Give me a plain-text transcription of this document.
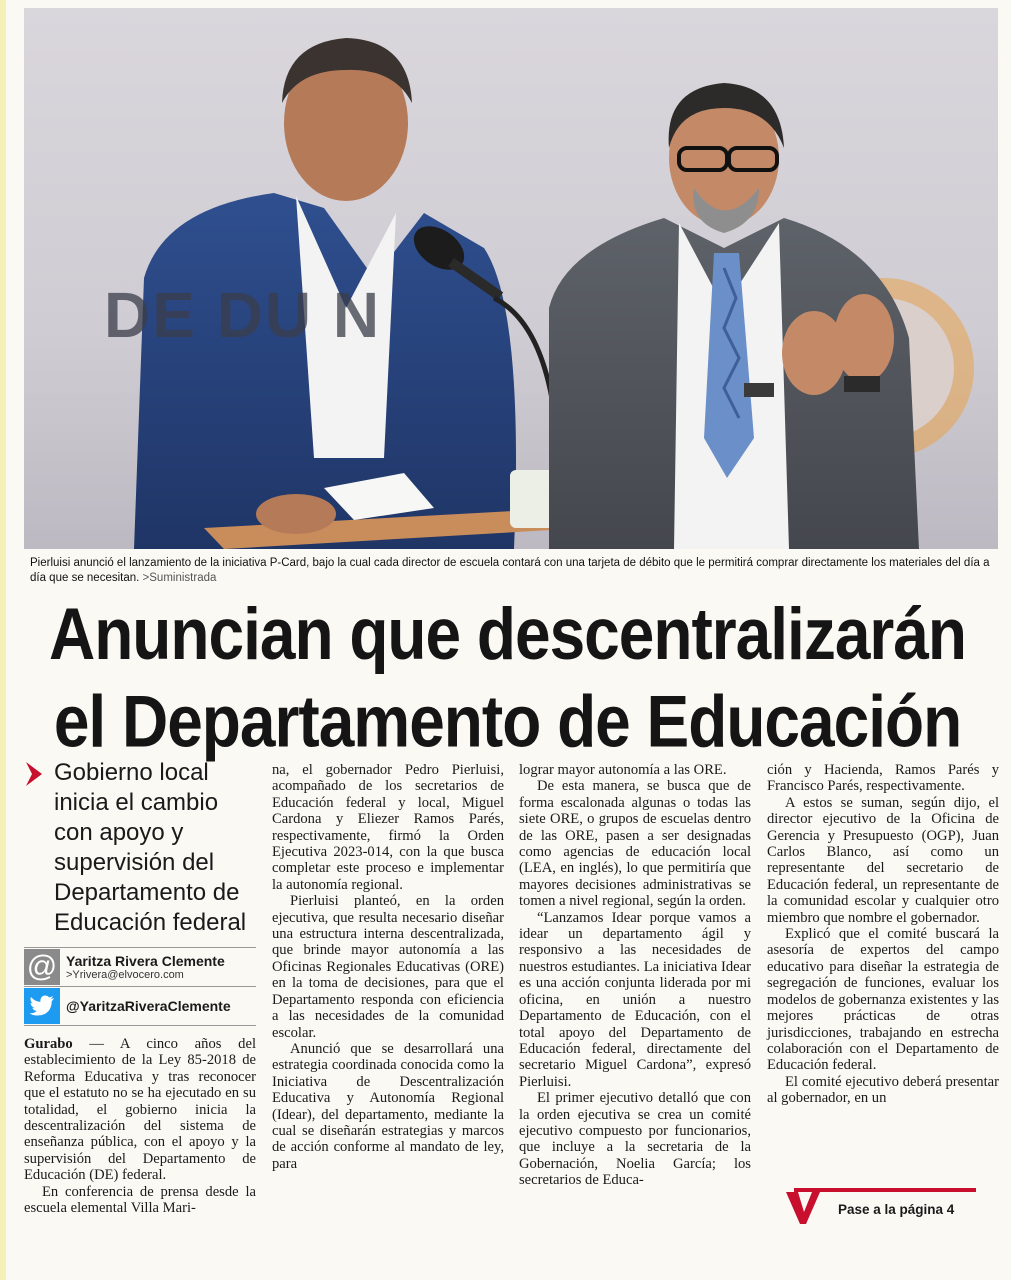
DE DU N
Pierluisi anunció el lanzamiento de la iniciativa P-Card, bajo la cual cada director de escuela contará con una tarjeta de débito que le permitirá comprar directamente los materiales del día a día que se necesitan. >Suministrada
Anuncian que descentralizarán
el Departamento de Educación
Gobierno local inicia el cambio con apoyo y supervisión del Departamento de Educación federal
@ Yaritza Rivera Clemente
>Yrivera@elvocero.com
@YaritzaRiveraClemente

Gurabo — A cinco años del establecimiento de la Ley 85-2018 de Reforma Educativa y tras reconocer que el estatuto no se ha ejecutado en su totalidad, el gobierno inicia la descentralización del sistema de enseñanza pública, con el apoyo y la supervisión del Departamento de Educación (DE) federal.

En conferencia de prensa desde la escuela elemental Villa Mari-

na, el gobernador Pedro Pierluisi, acompañado de los secretarios de Educación federal y local, Miguel Cardona y Eliezer Ramos Parés, respectivamente, firmó la Orden Ejecutiva 2023-014, con la que busca completar este proceso e implementar la autonomía regional.

Pierluisi planteó, en la orden ejecutiva, que resulta necesario diseñar una estructura interna descentralizada, que brinde mayor autonomía a las Oficinas Regionales Educativas (ORE) en la toma de decisiones, para que el Departamento responda con eficiencia a las necesidades de la comunidad escolar.

Anunció que se desarrollará una estrategia coordinada conocida como la Iniciativa de Descentralización Educativa y Autonomía Regional (Idear), del departamento, mediante la cual se diseñarán estrategias y marcos de acción conforme al mandato de ley, para

lograr mayor autonomía a las ORE.

De esta manera, se busca que de forma escalonada algunas o todas las siete ORE, o grupos de escuelas dentro de las ORE, pasen a ser designadas como agencias de educación local (LEA, en inglés), lo que permitiría que mayores decisiones administrativas se tomen a nivel regional, según la orden.

“Lanzamos Idear porque vamos a idear un departamento ágil y responsivo a las necesidades de nuestros estudiantes. La iniciativa Idear es una acción conjunta liderada por mi oficina, en unión a nuestro Departamento de Educación, con el total apoyo del Departamento de Educación federal, directamente del secretario Miguel Cardona”, expresó Pierluisi.

El primer ejecutivo detalló que con la orden ejecutiva se crea un comité ejecutivo compuesto por funcionarios, que incluye a la secretaria de la Gobernación, Noelia García; los secretarios de Educa-

ción y Hacienda, Ramos Parés y Francisco Parés, respectivamente.

A estos se suman, según dijo, el director ejecutivo de la Oficina de Gerencia y Presupuesto (OGP), Juan Carlos Blanco, así como un representante del secretario de Educación federal, un representante de la comunidad escolar y cualquier otro miembro que nombre el gobernador.

Explicó que el comité buscará la asesoría de expertos del campo educativo para diseñar la estrategia de segregación de funciones, evaluar los modelos de gobernanza existentes y las mejores prácticas de otras jurisdicciones, trabajando en estrecha colaboración con el Departamento de Educación federal.

El comité ejecutivo deberá presentar al gobernador, en un

Pase a la página 4
